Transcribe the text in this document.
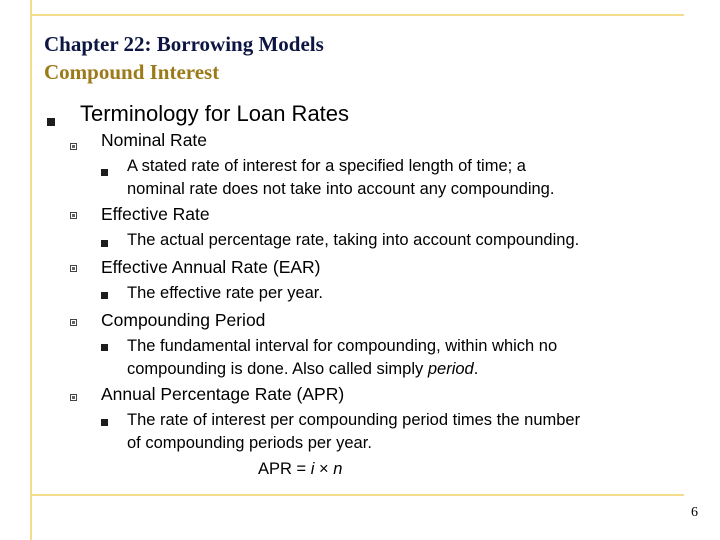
Chapter 22: Borrowing Models
Compound Interest
Terminology for Loan Rates
Nominal Rate
A stated rate of interest for a specified length of time; a
nominal rate does not take into account any compounding.
Effective Rate
The actual percentage rate, taking into account compounding.
Effective Annual Rate (EAR)
The effective rate per year.
Compounding Period
The fundamental interval for compounding, within which no
compounding is done. Also called simply period.
Annual Percentage Rate (APR)
The rate of interest per compounding period times the number
of compounding periods per year.
APR = i × n
6
